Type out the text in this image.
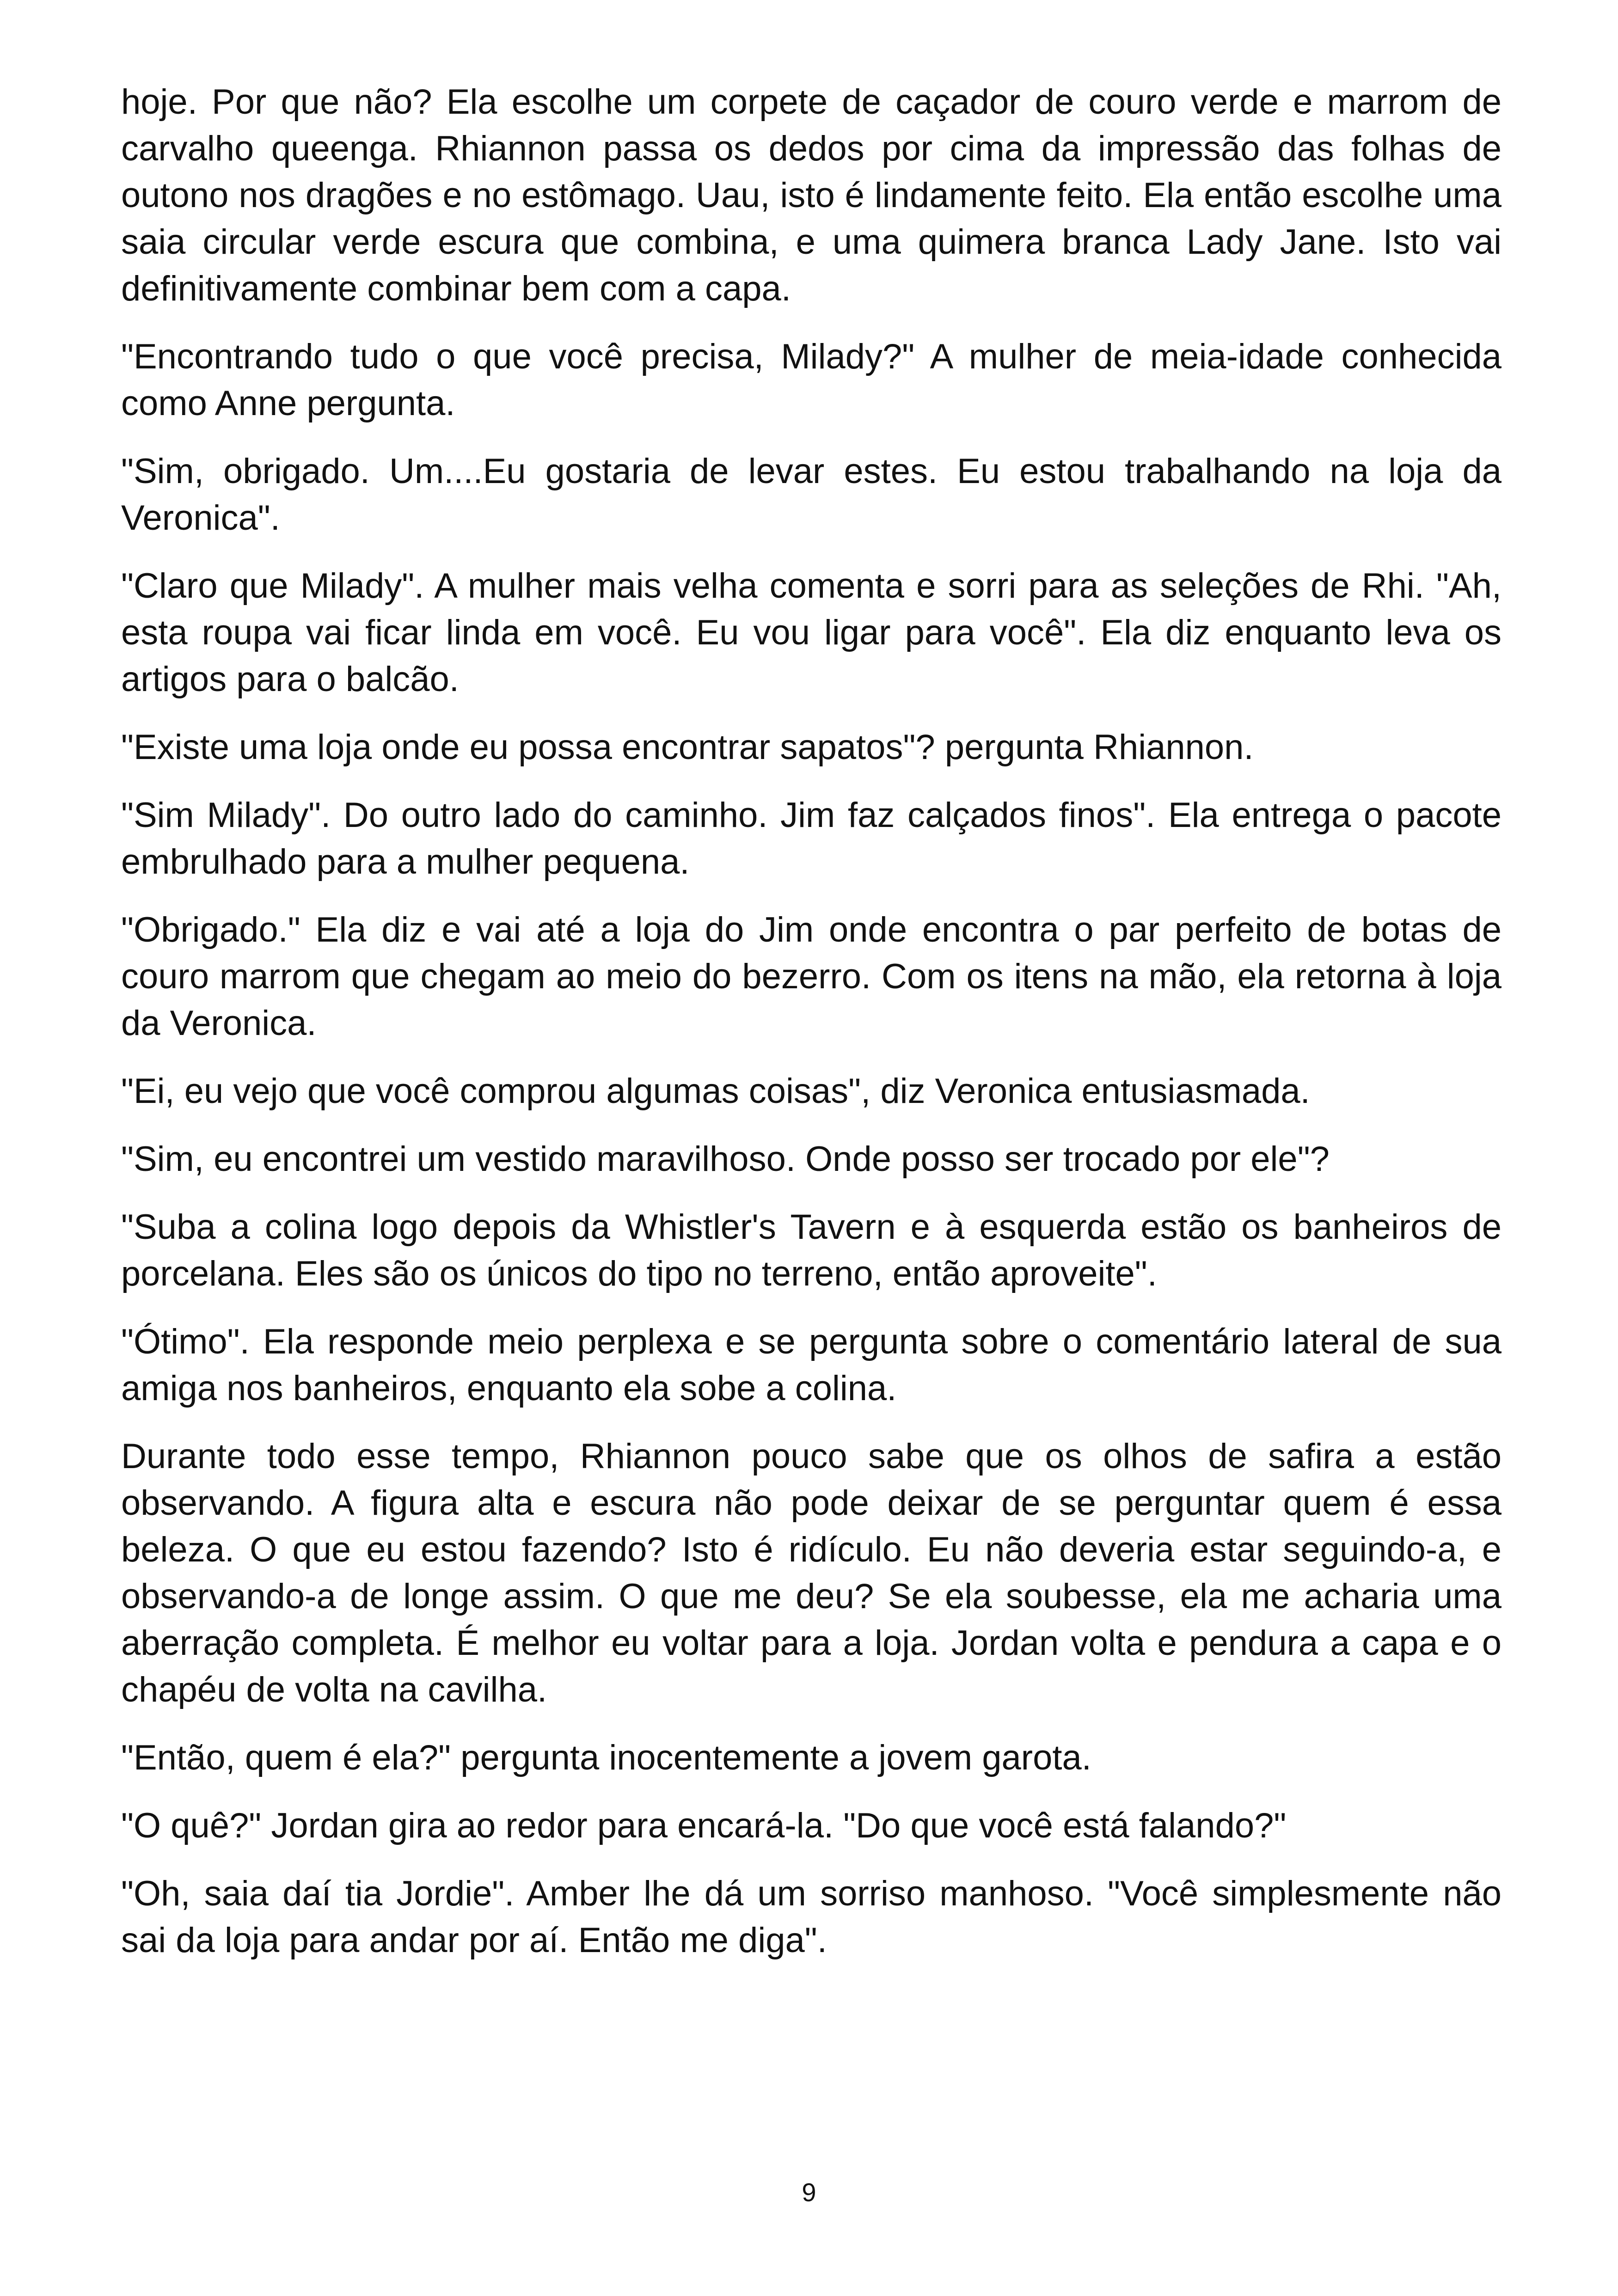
hoje. Por que não? Ela escolhe um corpete de caçador de couro verde e marrom de carvalho queenga. Rhiannon passa os dedos por cima da impressão das folhas de outono nos dragões e no estômago. Uau, isto é lindamente feito. Ela então escolhe uma saia circular verde escura que combina, e uma quimera branca Lady Jane. Isto vai definitivamente combinar bem com a capa.

"Encontrando tudo o que você precisa, Milady?" A mulher de meia-idade conhecida como Anne pergunta.

"Sim, obrigado. Um....Eu gostaria de levar estes. Eu estou trabalhando na loja da Veronica".

"Claro que Milady". A mulher mais velha comenta e sorri para as seleções de Rhi. "Ah, esta roupa vai ficar linda em você. Eu vou ligar para você". Ela diz enquanto leva os artigos para o balcão.

"Existe uma loja onde eu possa encontrar sapatos"? pergunta Rhiannon.

"Sim Milady". Do outro lado do caminho. Jim faz calçados finos". Ela entrega o pacote embrulhado para a mulher pequena.

"Obrigado." Ela diz e vai até a loja do Jim onde encontra o par perfeito de botas de couro marrom que chegam ao meio do bezerro. Com os itens na mão, ela retorna à loja da Veronica.

"Ei, eu vejo que você comprou algumas coisas", diz Veronica entusiasmada.

"Sim, eu encontrei um vestido maravilhoso. Onde posso ser trocado por ele"?

"Suba a colina logo depois da Whistler's Tavern e à esquerda estão os banheiros de porcelana. Eles são os únicos do tipo no terreno, então aproveite".

"Ótimo". Ela responde meio perplexa e se pergunta sobre o comentário lateral de sua amiga nos banheiros, enquanto ela sobe a colina.

Durante todo esse tempo, Rhiannon pouco sabe que os olhos de safira a estão observando. A figura alta e escura não pode deixar de se perguntar quem é essa beleza. O que eu estou fazendo? Isto é ridículo. Eu não deveria estar seguindo-a, e observando-a de longe assim. O que me deu? Se ela soubesse, ela me acharia uma aberração completa. É melhor eu voltar para a loja. Jordan volta e pendura a capa e o chapéu de volta na cavilha.

"Então, quem é ela?" pergunta inocentemente a jovem garota.

"O quê?" Jordan gira ao redor para encará-la. "Do que você está falando?"

"Oh, saia daí tia Jordie". Amber lhe dá um sorriso manhoso. "Você simplesmente não sai da loja para andar por aí. Então me diga".

9
